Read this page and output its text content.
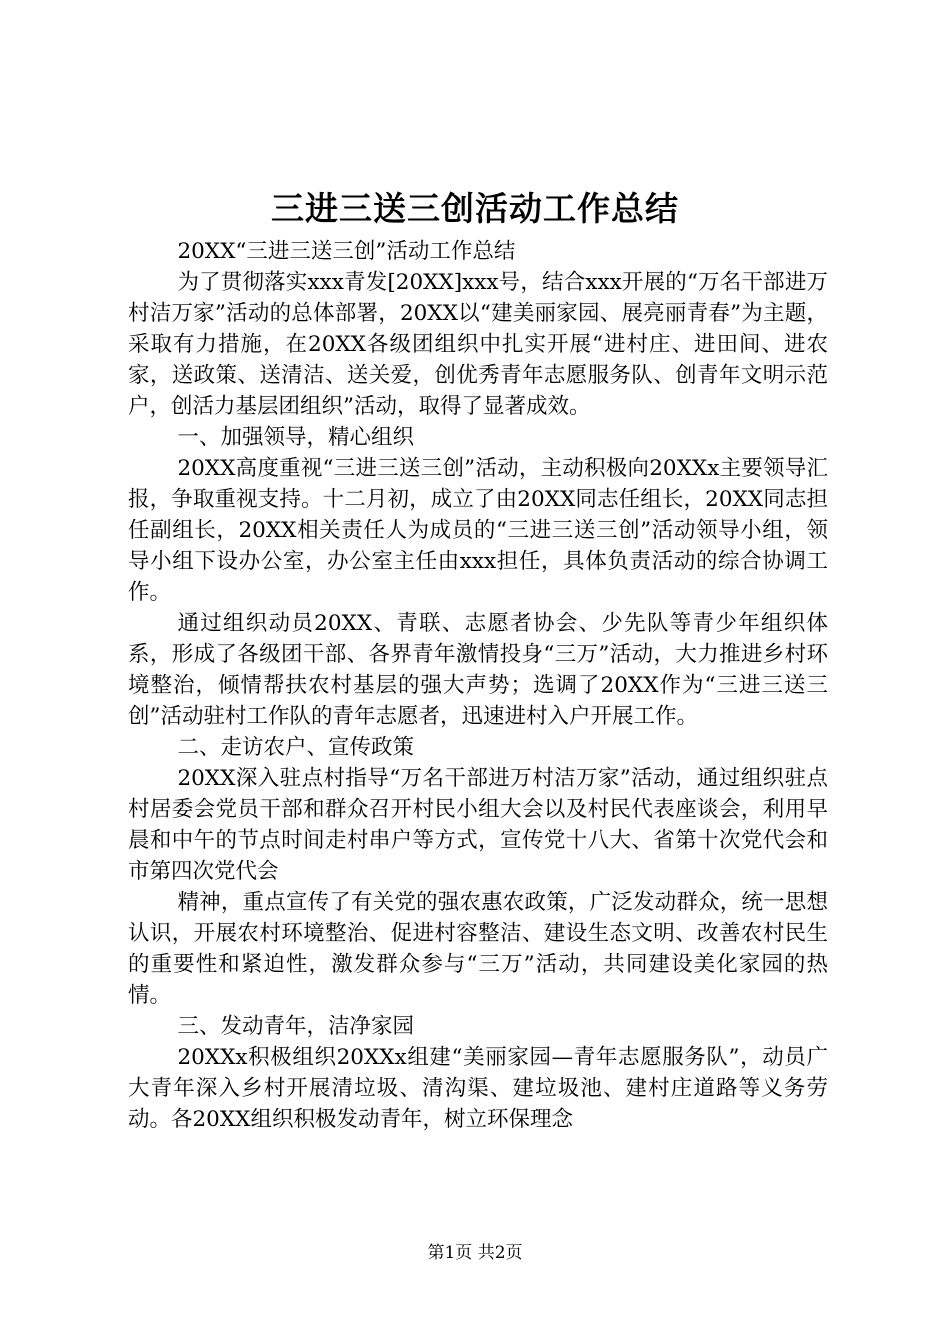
三进三送三创活动工作总结

20XX“三进三送三创”活动工作总结

为了贯彻落实xxx青发[20XX]xxx号，结合xxx开展的“万名干部进万村洁万家”活动的总体部署，20XX以“建美丽家园、展亮丽青春”为主题，采取有力措施，在20XX各级团组织中扎实开展“进村庄、进田间、进农家，送政策、送清洁、送关爱，创优秀青年志愿服务队、创青年文明示范户，创活力基层团组织”活动，取得了显著成效。

一、加强领导，精心组织

20XX高度重视“三进三送三创”活动，主动积极向20XXx主要领导汇报，争取重视支持。十二月初，成立了由20XX同志任组长，20XX同志担任副组长，20XX相关责任人为成员的“三进三送三创”活动领导小组，领导小组下设办公室，办公室主任由xxx担任，具体负责活动的综合协调工作。

通过组织动员20XX、青联、志愿者协会、少先队等青少年组织体系，形成了各级团干部、各界青年激情投身“三万”活动，大力推进乡村环境整治，倾情帮扶农村基层的强大声势；选调了20XX作为“三进三送三创”活动驻村工作队的青年志愿者，迅速进村入户开展工作。

二、走访农户、宣传政策

20XX深入驻点村指导“万名干部进万村洁万家”活动，通过组织驻点村居委会党员干部和群众召开村民小组大会以及村民代表座谈会，利用早晨和中午的节点时间走村串户等方式，宣传党十八大、省第十次党代会和市第四次党代会

精神，重点宣传了有关党的强农惠农政策，广泛发动群众，统一思想认识，开展农村环境整治、促进村容整洁、建设生态文明、改善农村民生的重要性和紧迫性，激发群众参与“三万”活动，共同建设美化家园的热情。

三、发动青年，洁净家园

20XXx积极组织20XXx组建“美丽家园—青年志愿服务队”，动员广大青年深入乡村开展清垃圾、清沟渠、建垃圾池、建村庄道路等义务劳动。各20XX组织积极发动青年，树立环保理念

第1页 共2页
